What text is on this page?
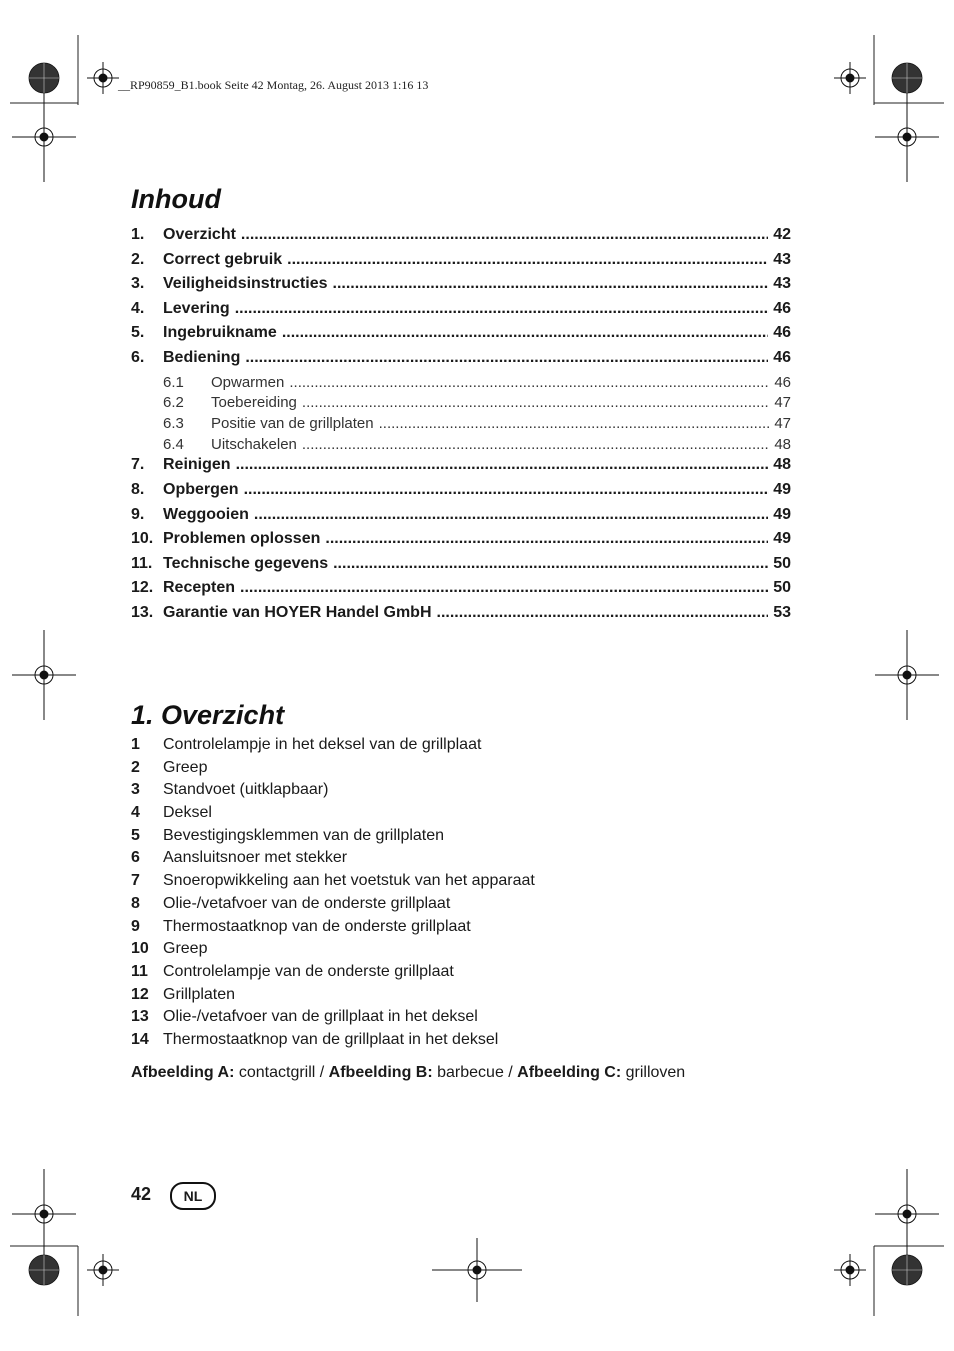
__RP90859_B1.book Seite 42 Montag, 26. August 2013 1:16 13
Inhoud
1.	Overzicht .....	42
2.	Correct gebruik .....	43
3.	Veiligheidsinstructies .....	43
4.	Levering .....	46
5.	Ingebruikname .....	46
6.	Bediening .....	46
6.1	Opwarmen .....	46
6.2	Toebereiding .....	47
6.3	Positie van de grillplaten .....	47
6.4	Uitschakelen .....	48
7.	Reinigen .....	48
8.	Opbergen .....	49
9.	Weggooien .....	49
10. Problemen oplossen .....	49
11. Technische gegevens .....	50
12. Recepten .....	50
13. Garantie van HOYER Handel GmbH .....	53
1. Overzicht
1	Controlelampje in het deksel van de grillplaat
2	Greep
3	Standvoet (uitklapbaar)
4	Deksel
5	Bevestigingsklemmen van de grillplaten
6	Aansluitsnoer met stekker
7	Snoeropwikkeling aan het voetstuk van het apparaat
8	Olie-/vetafvoer van de onderste grillplaat
9	Thermostaatknop van de onderste grillplaat
10 Greep
11 Controlelampje van de onderste grillplaat
12 Grillplaten
13 Olie-/vetafvoer van de grillplaat in het deksel
14 Thermostaatknop van de grillplaat in het deksel
Afbeelding A: contactgrill / Afbeelding B: barbecue / Afbeelding C: grilloven
42	NL
